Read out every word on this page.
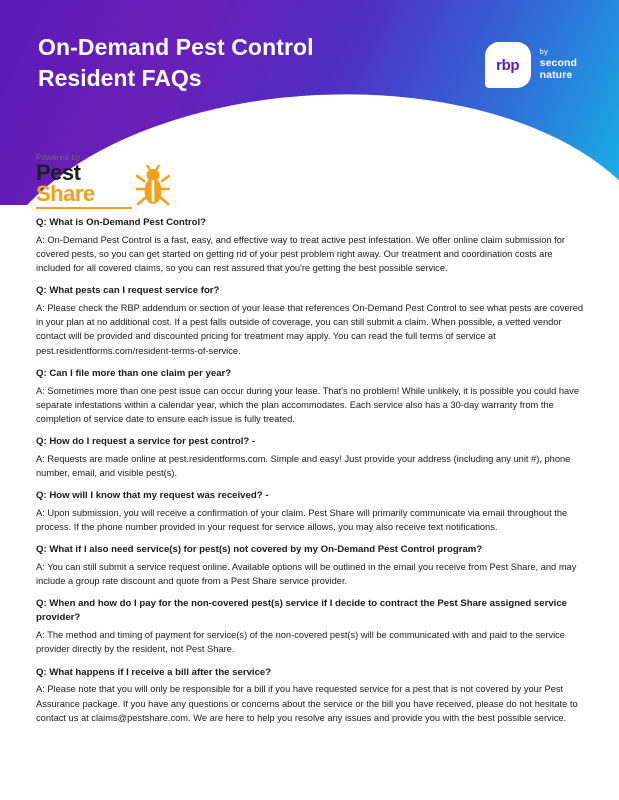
On-Demand Pest Control
Resident FAQs
rbp
by
second
nature
Powered by
Pest
Share

Q: What is On-Demand Pest Control?

A: On-Demand Pest Control is a fast, easy, and effective way to treat active pest infestation. We offer online claim submission for covered pests, so you can get started on getting rid of your pest problem right away. Our treatment and coordination costs are included for all covered claims, so you can rest assured that you're getting the best possible service.

Q: What pests can I request service for?

A: Please check the RBP addendum or section of your lease that references On-Demand Pest Control to see what pests are covered in your plan at no additional cost. If a pest falls outside of coverage, you can still submit a claim. When possible, a vetted vendor contact will be provided and discounted pricing for treatment may apply. You can read the full terms of service at pest.residentforms.com/resident-terms-of-service.

Q: Can I file more than one claim per year?

A: Sometimes more than one pest issue can occur during your lease. That's no problem! While unlikely, it is possible you could have separate infestations within a calendar year, which the plan accommodates. Each service also has a 30-day warranty from the completion of service date to ensure each issue is fully treated.

Q: How do I request a service for pest control? -

A: Requests are made online at pest.residentforms.com. Simple and easy! Just provide your address (including any unit #), phone number, email, and visible pest(s).

Q: How will I know that my request was received? -

A: Upon submission, you will receive a confirmation of your claim. Pest Share will primarily communicate via email throughout the process. If the phone number provided in your request for service allows, you may also receive text notifications.

Q: What if I also need service(s) for pest(s) not covered by my On-Demand Pest Control program?

A: You can still submit a service request online. Available options will be outlined in the email you receive from Pest Share, and may include a group rate discount and quote from a Pest Share service provider.

Q: When and how do I pay for the non-covered pest(s) service if I decide to contract the Pest Share assigned service provider?

A: The method and timing of payment for service(s) of the non-covered pest(s) will be communicated with and paid to the service provider directly by the resident, not Pest Share.

Q: What happens if I receive a bill after the service?

A: Please note that you will only be responsible for a bill if you have requested service for a pest that is not covered by your Pest Assurance package. If you have any questions or concerns about the service or the bill you have received, please do not hesitate to contact us at claims@pestshare.com. We are here to help you resolve any issues and provide you with the best possible service.
